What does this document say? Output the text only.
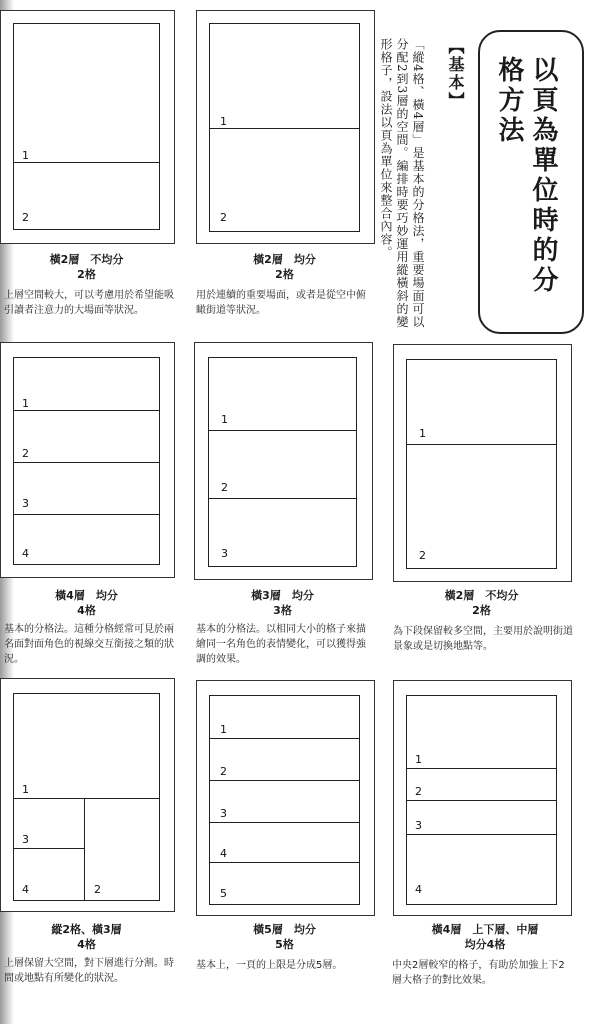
以頁為單位時的分格方法
【基本】
「縱4格、橫4層」是基本的分格法，重要場面可以分配2到3層的空間。編排時要巧妙運用縱橫斜的變形格子，設法以頁為單位來整合內容。
1
2
橫2層　不均分
2格
上層空間較大，可以考慮用於希望能吸引讀者注意力的大場面等狀況。
1
2
橫2層　均分
2格
用於連續的重要場面，或者是從空中俯瞰街道等狀況。
1
2
3
4
橫4層　均分
4格
基本的分格法。這種分格經常可見於兩名面對面角色的視線交互銜接之類的狀況。
1
2
3
橫3層　均分
3格
基本的分格法。以相同大小的格子來描繪同一名角色的表情變化，可以獲得強調的效果。
1
2
橫2層　不均分
2格
為下段保留較多空間，主要用於說明街道景象或是切換地點等。
1
3
4	2
縱2格、橫3層
4格
上層保留大空間，對下層進行分割。時間或地點有所變化的狀況。
1
2
3
4
5
橫5層　均分
5格
基本上，一頁的上限是分成5層。
1
2
3
4
橫4層　上下層、中層
均分4格
中央2層較窄的格子，有助於加強上下2層大格子的對比效果。
